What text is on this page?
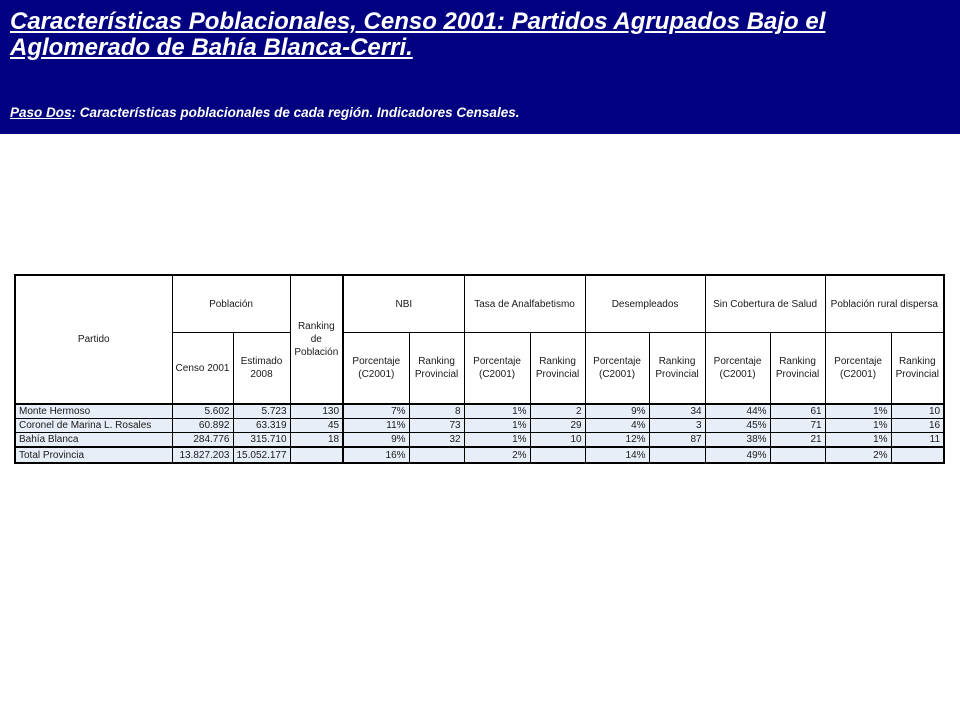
Características Poblacionales, Censo 2001: Partidos Agrupados Bajo el Aglomerado de Bahía Blanca-Cerri.

Paso Dos: Características poblacionales de cada región. Indicadores Censales.

Partido	Población		Ranking de Población	NBI		Tasa de Analfabetismo		Desempleados		Sin Cobertura de Salud		Población rural dispersa	
	Censo 2001	Estimado 2008		Porcentaje (C2001)	Ranking Provincial	Porcentaje (C2001)	Ranking Provincial	Porcentaje (C2001)	Ranking Provincial	Porcentaje (C2001)	Ranking Provincial	Porcentaje (C2001)	Ranking Provincial
Monte Hermoso	5.602	5.723	130	7%	8	1%	2	9%	34	44%	61	1%	10
Coronel de Marina L. Rosales	60.892	63.319	45	11%	73	1%	29	4%	3	45%	71	1%	16
Bahía Blanca	284.776	315.710	18	9%	32	1%	10	12%	87	38%	21	1%	11
Total Provincia	13.827.203	15.052.177		16%		2%		14%		49%		2%	
